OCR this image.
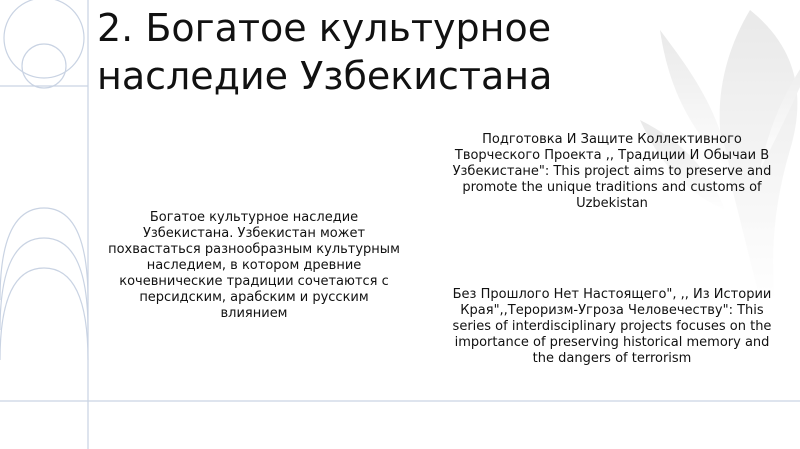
2. Богатое культурное
наследие Узбекистана
Богатое культурное наследие Узбекистана. Узбекистан может похвастаться разнообразным культурным наследием, в котором древние кочевнические традиции сочетаются с персидским, арабским и русским влиянием
Подготовка И Защите Коллективного Творческого Проекта ,, Традиции И Обычаи В Узбекистане": This project aims to preserve and promote the unique traditions and customs of Uzbekistan
Без Прошлого Нет Настоящего", ,, Из Истории Края",,Тероризм-Угроза Человечеству": This series of interdisciplinary projects focuses on the importance of preserving historical memory and the dangers of terrorism
